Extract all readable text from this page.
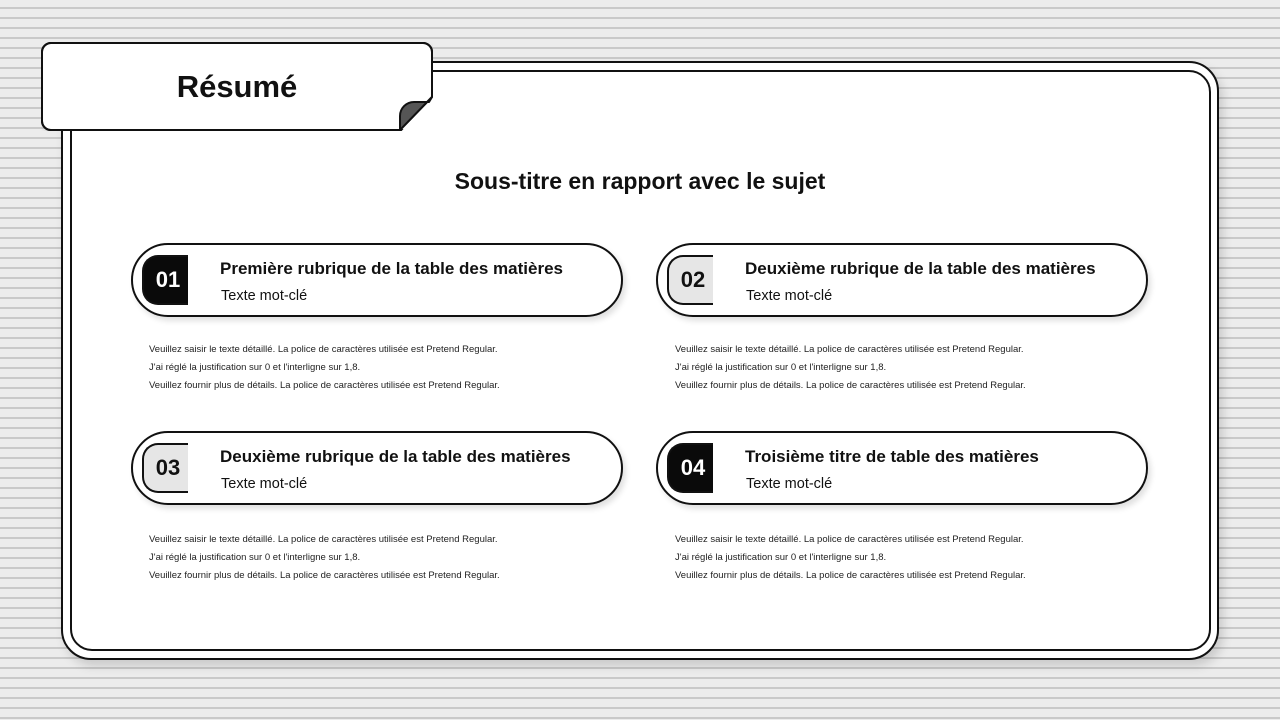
Résumé
Sous-titre en rapport avec le sujet
01	Première rubrique de la table des matières
Texte mot-clé
Veuillez saisir le texte détaillé. La police de caractères utilisée est Pretend Regular.
J'ai réglé la justification sur 0 et l'interligne sur 1,8.
Veuillez fournir plus de détails. La police de caractères utilisée est Pretend Regular.
02	Deuxième rubrique de la table des matières
Texte mot-clé
Veuillez saisir le texte détaillé. La police de caractères utilisée est Pretend Regular.
J'ai réglé la justification sur 0 et l'interligne sur 1,8.
Veuillez fournir plus de détails. La police de caractères utilisée est Pretend Regular.
03	Deuxième rubrique de la table des matières
Texte mot-clé
Veuillez saisir le texte détaillé. La police de caractères utilisée est Pretend Regular.
J'ai réglé la justification sur 0 et l'interligne sur 1,8.
Veuillez fournir plus de détails. La police de caractères utilisée est Pretend Regular.
04	Troisième titre de table des matières
Texte mot-clé
Veuillez saisir le texte détaillé. La police de caractères utilisée est Pretend Regular.
J'ai réglé la justification sur 0 et l'interligne sur 1,8.
Veuillez fournir plus de détails. La police de caractères utilisée est Pretend Regular.
